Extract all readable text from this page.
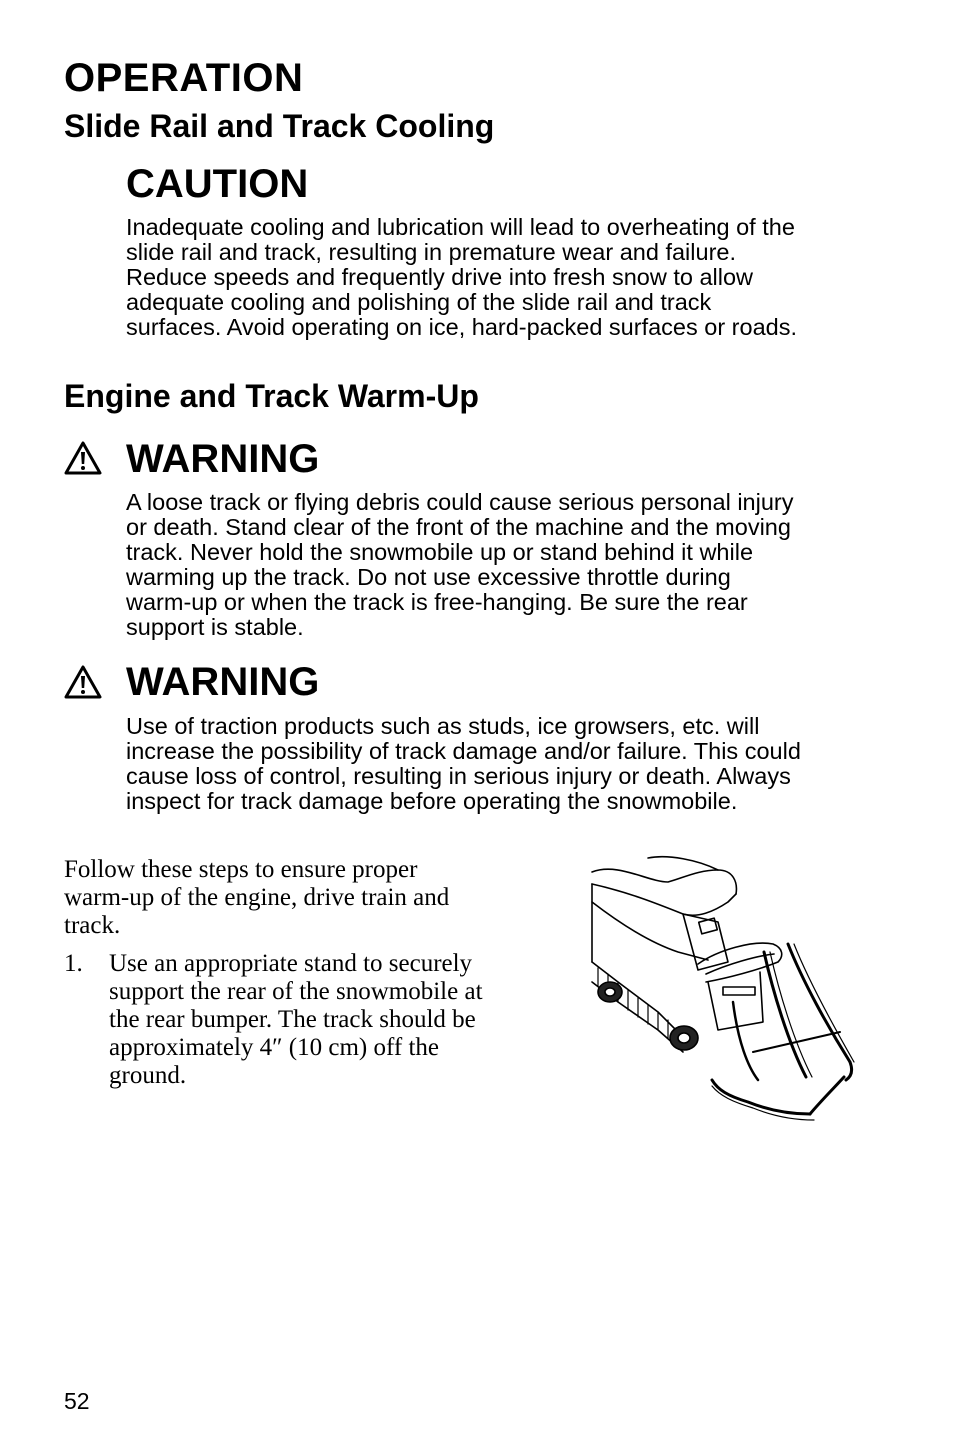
OPERATION
Slide Rail and Track Cooling
CAUTION
Inadequate cooling and lubrication will lead to overheating of the
slide rail and track, resulting in premature wear and failure.
Reduce speeds and frequently drive into fresh snow to allow
adequate cooling and polishing of the slide rail and track
surfaces. Avoid operating on ice, hard-packed surfaces or roads.
Engine and Track Warm-Up
WARNING
A loose track or flying debris could cause serious personal injury
or death. Stand clear of the front of the machine and the moving
track. Never hold the snowmobile up or stand behind it while
warming up the track. Do not use excessive throttle during
warm-up or when the track is free-hanging. Be sure the rear
support is stable.
WARNING
Use of traction products such as studs, ice growsers, etc. will
increase the possibility of track damage and/or failure. This could
cause loss of control, resulting in serious injury or death. Always
inspect for track damage before operating the snowmobile.
Follow these steps to ensure proper
warm-up of the engine, drive train and
track.
1.	Use an appropriate stand to securely
support the rear of the snowmobile at
the rear bumper. The track should be
approximately 4″ (10 cm) off the
ground.
52
